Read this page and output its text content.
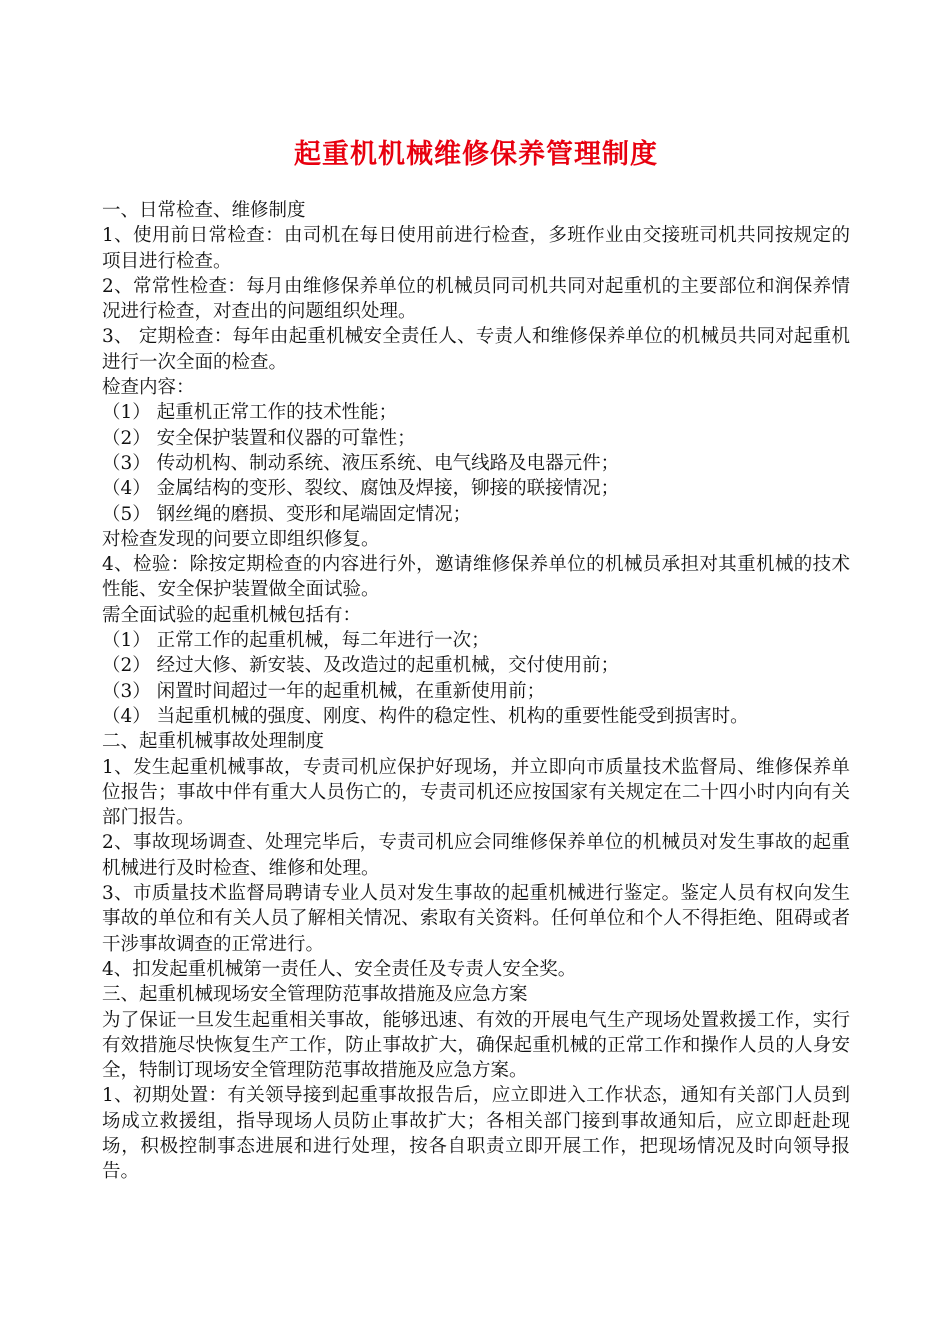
起重机机械维修保养管理制度

一、日常检查、维修制度

1、使用前日常检查：由司机在每日使用前进行检查，多班作业由交接班司机共同按规定的项目进行检查。

2、常常性检查：每月由维修保养单位的机械员同司机共同对起重机的主要部位和润保养情况进行检查，对查出的问题组织处理。

3、 定期检查：每年由起重机械安全责任人、专责人和维修保养单位的机械员共同对起重机进行一次全面的检查。

检查内容：

（1） 起重机正常工作的技术性能；

（2） 安全保护装置和仪器的可靠性；

（3） 传动机构、制动系统、液压系统、电气线路及电器元件；

（4） 金属结构的变形、裂纹、腐蚀及焊接，铆接的联接情况；

（5） 钢丝绳的磨损、变形和尾端固定情况；

对检查发现的问要立即组织修复。

4、检验：除按定期检查的内容进行外，邀请维修保养单位的机械员承担对其重机械的技术性能、安全保护装置做全面试验。

需全面试验的起重机械包括有：

（1） 正常工作的起重机械，每二年进行一次；

（2） 经过大修、新安装、及改造过的起重机械，交付使用前；

（3） 闲置时间超过一年的起重机械，在重新使用前；

（4） 当起重机械的强度、刚度、构件的稳定性、机构的重要性能受到损害时。

二、起重机械事故处理制度

1、发生起重机械事故，专责司机应保护好现场，并立即向市质量技术监督局、维修保养单位报告；事故中伴有重大人员伤亡的，专责司机还应按国家有关规定在二十四小时内向有关部门报告。

2、事故现场调查、处理完毕后，专责司机应会同维修保养单位的机械员对发生事故的起重机械进行及时检查、维修和处理。

3、市质量技术监督局聘请专业人员对发生事故的起重机械进行鉴定。鉴定人员有权向发生事故的单位和有关人员了解相关情况、索取有关资料。任何单位和个人不得拒绝、阻碍或者干涉事故调查的正常进行。

4、扣发起重机械第一责任人、安全责任及专责人安全奖。

三、起重机械现场安全管理防范事故措施及应急方案

为了保证一旦发生起重相关事故，能够迅速、有效的开展电气生产现场处置救援工作，实行有效措施尽快恢复生产工作，防止事故扩大，确保起重机械的正常工作和操作人员的人身安全，特制订现场安全管理防范事故措施及应急方案。

1、初期处置：有关领导接到起重事故报告后，应立即进入工作状态，通知有关部门人员到场成立救援组，指导现场人员防止事故扩大；各相关部门接到事故通知后，应立即赶赴现场，积极控制事态进展和进行处理，按各自职责立即开展工作，把现场情况及时向领导报告。
